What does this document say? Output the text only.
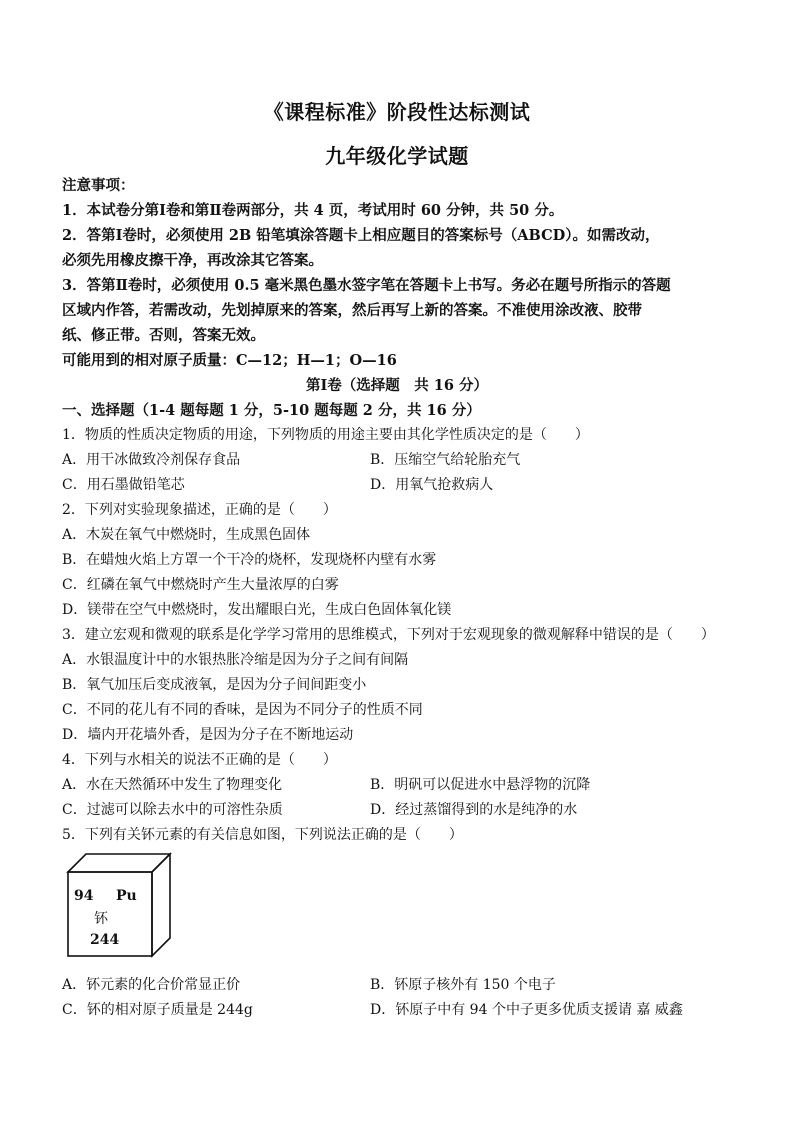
《课程标准》阶段性达标测试
九年级化学试题
注意事项：
1．本试卷分第Ⅰ卷和第Ⅱ卷两部分，共 4 页，考试用时 60 分钟，共 50 分。
2．答第Ⅰ卷时，必须使用 2B 铅笔填涂答题卡上相应题目的答案标号（ABCD）。如需改动，
必须先用橡皮擦干净，再改涂其它答案。
3．答第Ⅱ卷时，必须使用 0.5 毫米黑色墨水签字笔在答题卡上书写。务必在题号所指示的答题
区域内作答，若需改动，先划掉原来的答案，然后再写上新的答案。不准使用涂改液、胶带
纸、修正带。否则，答案无效。
可能用到的相对原子质量：C—12；H—1；O—16
第Ⅰ卷（选择题　共 16 分）
一、选择题（1-4 题每题 1 分，5-10 题每题 2 分，共 16 分）
1．物质的性质决定物质的用途，下列物质的用途主要由其化学性质决定的是（　　）
A．用干冰做致冷剂保存食品	B．压缩空气给轮胎充气
C．用石墨做铅笔芯	D．用氧气抢救病人
2．下列对实验现象描述，正确的是（　　）
A．木炭在氧气中燃烧时，生成黑色固体
B．在蜡烛火焰上方罩一个干冷的烧杯，发现烧杯内壁有水雾
C．红磷在氧气中燃烧时产生大量浓厚的白雾
D．镁带在空气中燃烧时，发出耀眼白光，生成白色固体氧化镁
3．建立宏观和微观的联系是化学学习常用的思维模式，下列对于宏观现象的微观解释中错误的是（　　）
A．水银温度计中的水银热胀冷缩是因为分子之间有间隔
B．氧气加压后变成液氧，是因为分子间间距变小
C．不同的花儿有不同的香味，是因为不同分子的性质不同
D．墙内开花墙外香，是因为分子在不断地运动
4．下列与水相关的说法不正确的是（　　）
A．水在天然循环中发生了物理变化	B．明矾可以促进水中悬浮物的沉降
C．过滤可以除去水中的可溶性杂质	D．经过蒸馏得到的水是纯净的水
5．下列有关钚元素的有关信息如图，下列说法正确的是（　　）
94 Pu
钚
244
A．钚元素的化合价常显正价	B．钚原子核外有 150 个电子
C．钚的相对原子质量是 244g	D．钚原子中有 94 个中子更多优质支援请 嘉 威鑫
